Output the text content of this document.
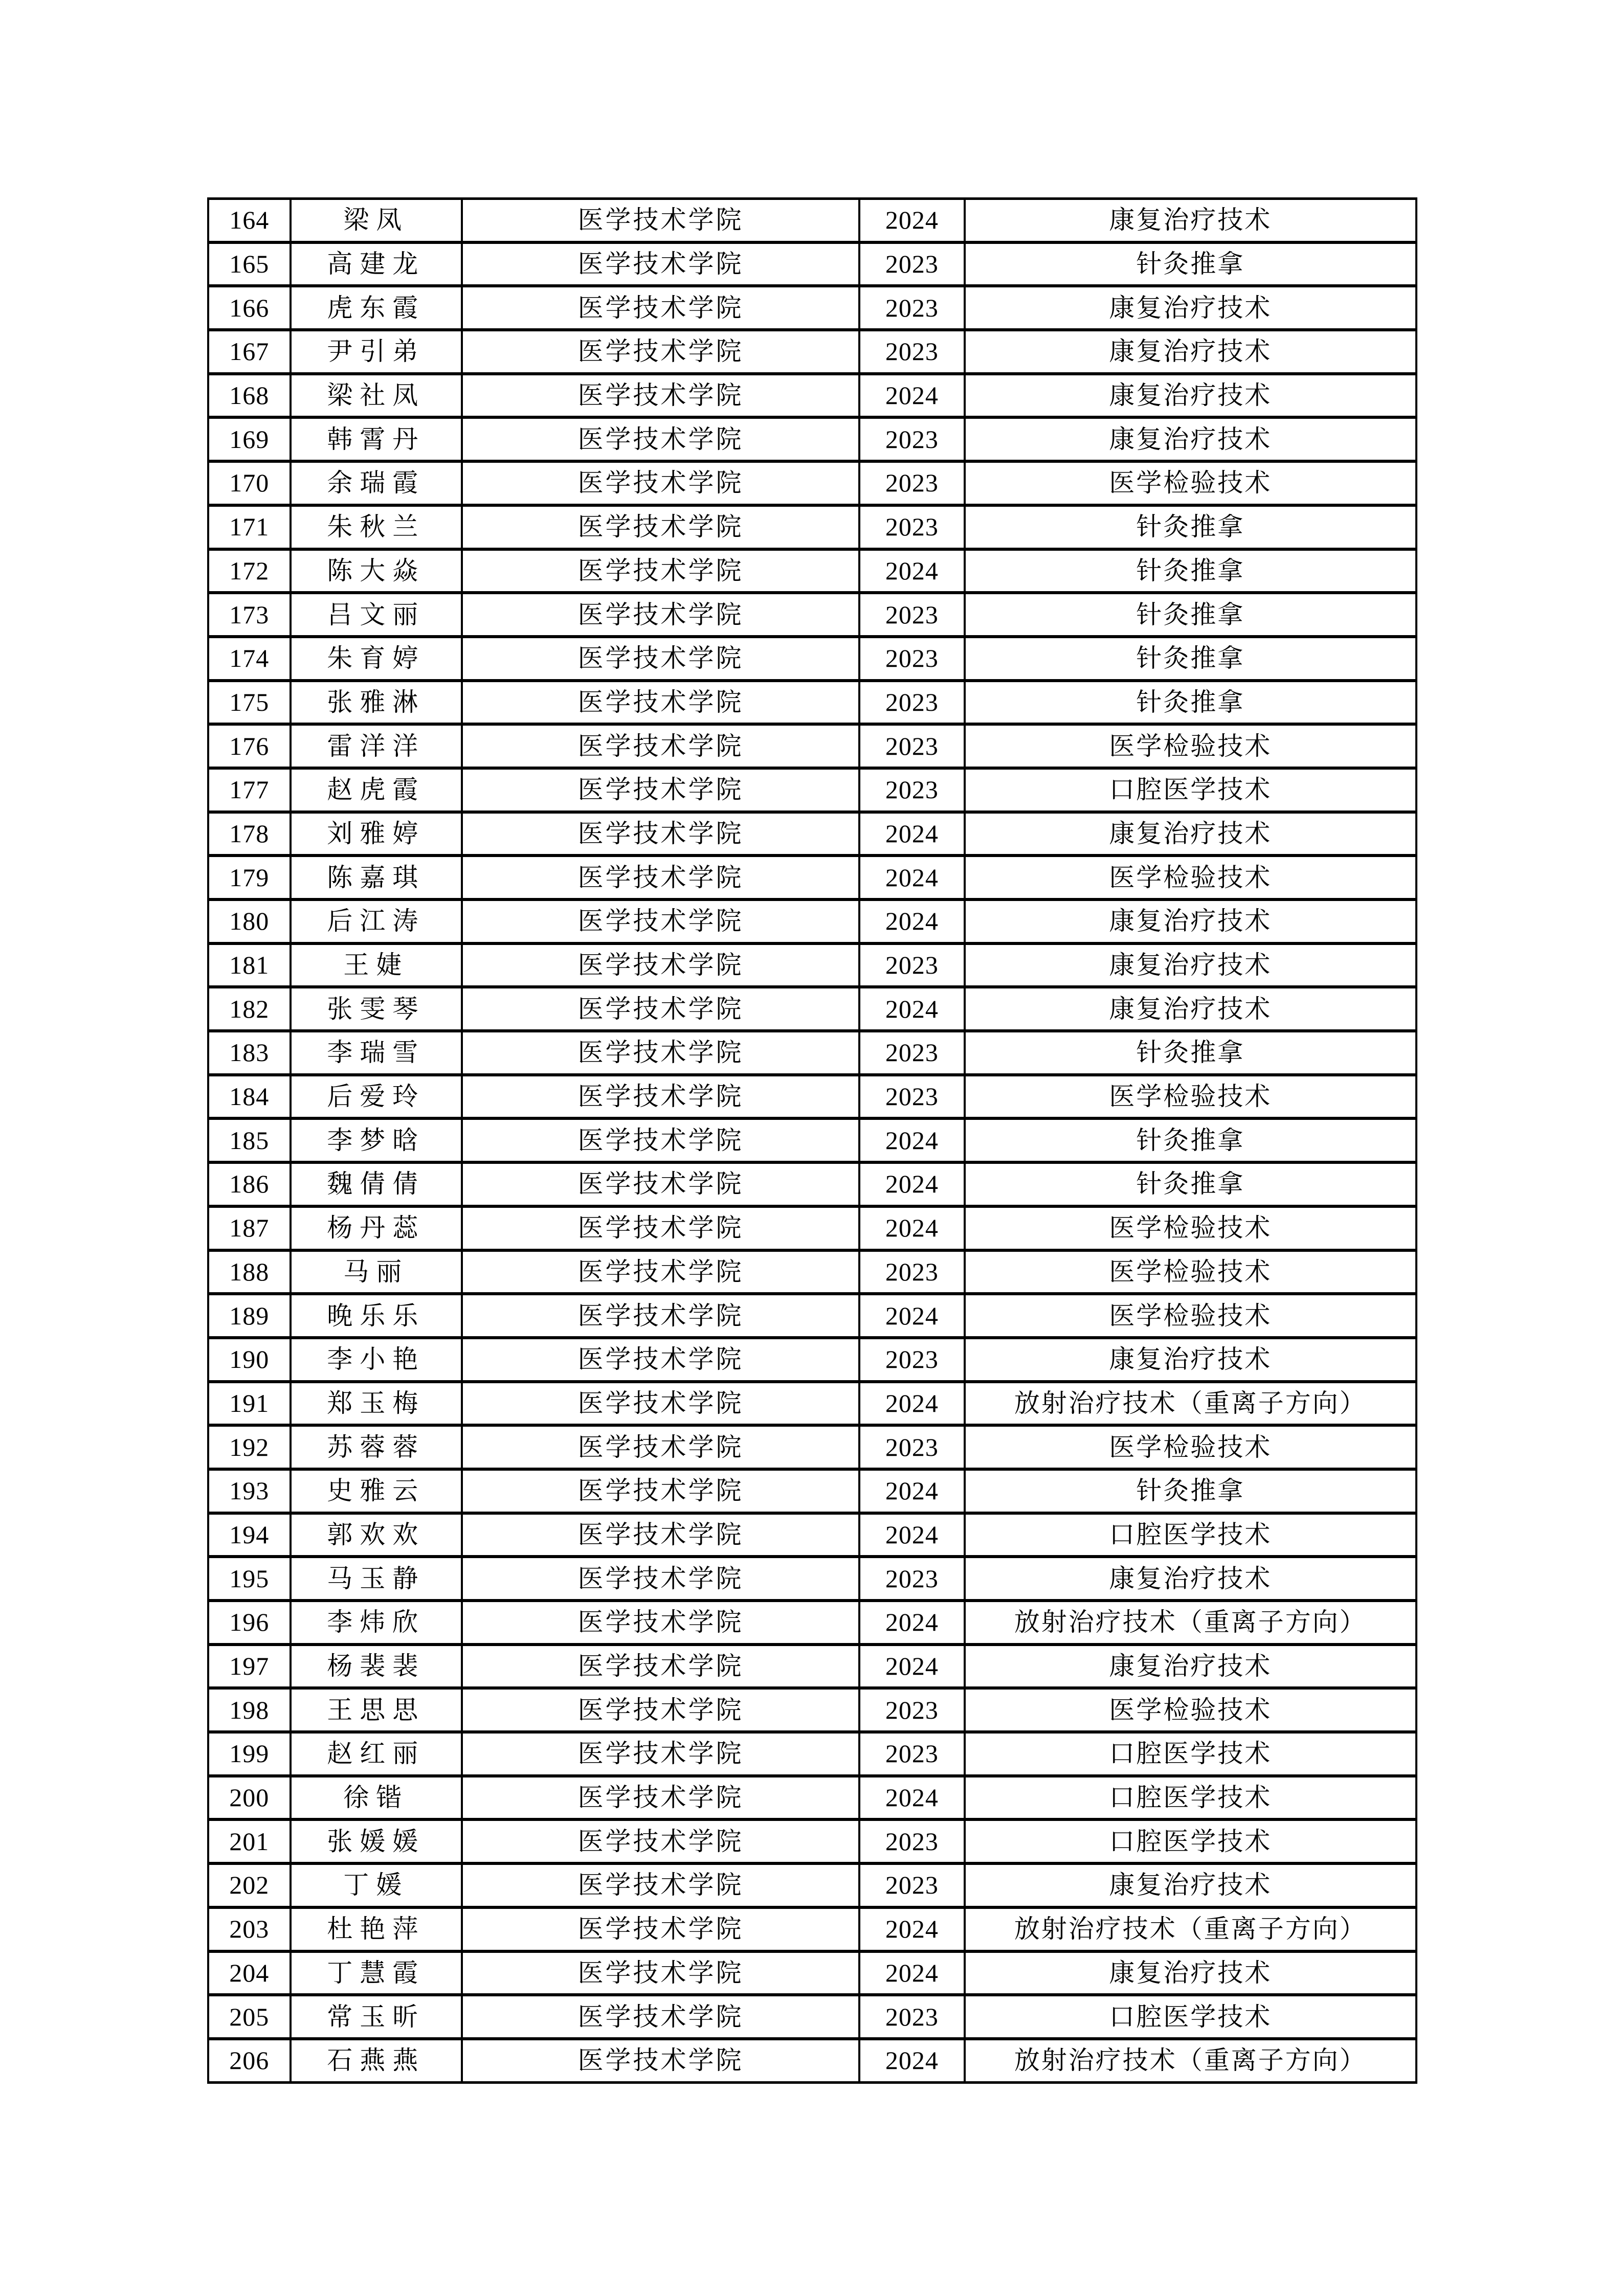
164	梁凤	医学技术学院	2024	康复治疗技术
165	高建龙	医学技术学院	2023	针灸推拿
166	虎东霞	医学技术学院	2023	康复治疗技术
167	尹引弟	医学技术学院	2023	康复治疗技术
168	梁社凤	医学技术学院	2024	康复治疗技术
169	韩霄丹	医学技术学院	2023	康复治疗技术
170	余瑞霞	医学技术学院	2023	医学检验技术
171	朱秋兰	医学技术学院	2023	针灸推拿
172	陈大焱	医学技术学院	2024	针灸推拿
173	吕文丽	医学技术学院	2023	针灸推拿
174	朱育婷	医学技术学院	2023	针灸推拿
175	张雅淋	医学技术学院	2023	针灸推拿
176	雷洋洋	医学技术学院	2023	医学检验技术
177	赵虎霞	医学技术学院	2023	口腔医学技术
178	刘雅婷	医学技术学院	2024	康复治疗技术
179	陈嘉琪	医学技术学院	2024	医学检验技术
180	后江涛	医学技术学院	2024	康复治疗技术
181	王婕	医学技术学院	2023	康复治疗技术
182	张雯琴	医学技术学院	2024	康复治疗技术
183	李瑞雪	医学技术学院	2023	针灸推拿
184	后爱玲	医学技术学院	2023	医学检验技术
185	李梦晗	医学技术学院	2024	针灸推拿
186	魏倩倩	医学技术学院	2024	针灸推拿
187	杨丹蕊	医学技术学院	2024	医学检验技术
188	马丽	医学技术学院	2023	医学检验技术
189	晚乐乐	医学技术学院	2024	医学检验技术
190	李小艳	医学技术学院	2023	康复治疗技术
191	郑玉梅	医学技术学院	2024	放射治疗技术（重离子方向）
192	苏蓉蓉	医学技术学院	2023	医学检验技术
193	史雅云	医学技术学院	2024	针灸推拿
194	郭欢欢	医学技术学院	2024	口腔医学技术
195	马玉静	医学技术学院	2023	康复治疗技术
196	李炜欣	医学技术学院	2024	放射治疗技术（重离子方向）
197	杨裴裴	医学技术学院	2024	康复治疗技术
198	王思思	医学技术学院	2023	医学检验技术
199	赵红丽	医学技术学院	2023	口腔医学技术
200	徐锴	医学技术学院	2024	口腔医学技术
201	张媛媛	医学技术学院	2023	口腔医学技术
202	丁媛	医学技术学院	2023	康复治疗技术
203	杜艳萍	医学技术学院	2024	放射治疗技术（重离子方向）
204	丁慧霞	医学技术学院	2024	康复治疗技术
205	常玉昕	医学技术学院	2023	口腔医学技术
206	石燕燕	医学技术学院	2024	放射治疗技术（重离子方向）
